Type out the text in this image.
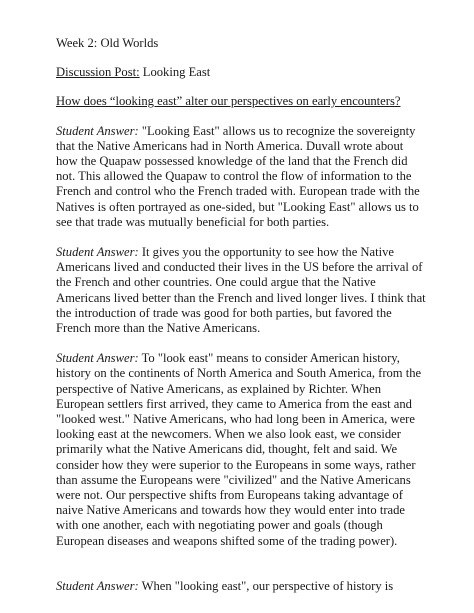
Week 2: Old Worlds

Discussion Post: Looking East

How does “looking east” alter our perspectives on early encounters?

Student Answer: "Looking East" allows us to recognize the sovereignty that the Native Americans had in North America. Duvall wrote about how the Quapaw possessed knowledge of the land that the French did not. This allowed the Quapaw to control the flow of information to the French and control who the French traded with. European trade with the Natives is often portrayed as one-sided, but "Looking East" allows us to see that trade was mutually beneficial for both parties.

Student Answer: It gives you the opportunity to see how the Native Americans lived and conducted their lives in the US before the arrival of the French and other countries. One could argue that the Native Americans lived better than the French and lived longer lives. I think that the introduction of trade was good for both parties, but favored the French more than the Native Americans.

Student Answer: To "look east" means to consider American history, history on the continents of North America and South America, from the perspective of Native Americans, as explained by Richter. When European settlers first arrived, they came to America from the east and "looked west." Native Americans, who had long been in America, were looking east at the newcomers. When we also look east, we consider primarily what the Native Americans did, thought, felt and said. We consider how they were superior to the Europeans in some ways, rather than assume the Europeans were "civilized" and the Native Americans were not. Our perspective shifts from Europeans taking advantage of naive Native Americans and towards how they would enter into trade with one another, each with negotiating power and goals (though European diseases and weapons shifted some of the trading power).

Student Answer: When "looking east", our perspective of history is
